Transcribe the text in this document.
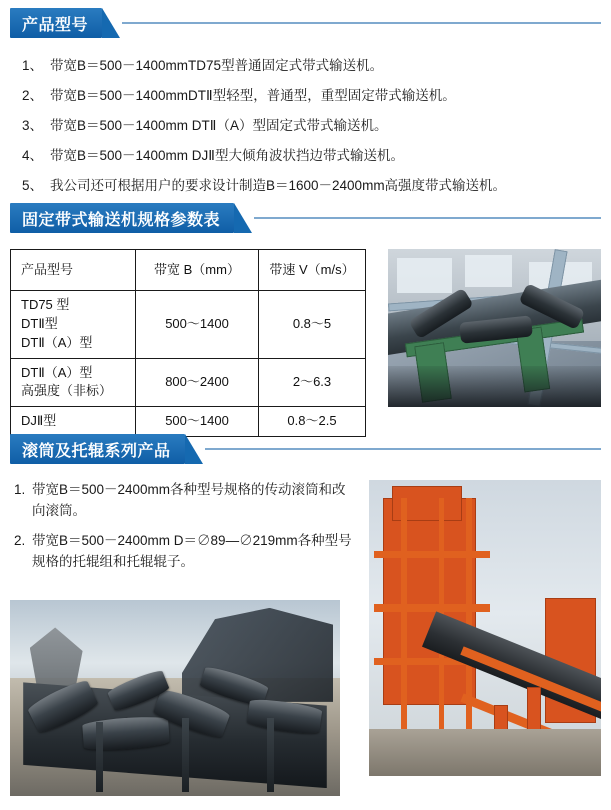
产品型号
1、 带宽B＝500－1400mmTD75型普通固定式带式输送机。
2、 带宽B＝500－1400mmDTⅡ型轻型，普通型，重型固定带式输送机。
3、 带宽B＝500－1400mm DTⅡ（A）型固定式带式输送机。
4、 带宽B＝500－1400mm DJⅡ型大倾角波状挡边带式输送机。
5、 我公司还可根据用户的要求设计制造B＝1600－2400mm高强度带式输送机。
固定带式输送机规格参数表
产品型号	带宽 B（mm）	带速 V（m/s）

TD75 型
DTⅡ型
DTⅡ（A）型	500～1400	0.8～5

DTⅡ（A）型
高强度（非标）	800～2400	2～6.3

DJⅡ型	500～1400	0.8～2.5
滚筒及托辊系列产品
1. 带宽B＝500－2400mm各种型号规格的传动滚筒和改向滚筒。
2. 带宽B＝500－2400mm D＝∅89—∅219mm各种型号规格的托辊组和托辊辊子。
